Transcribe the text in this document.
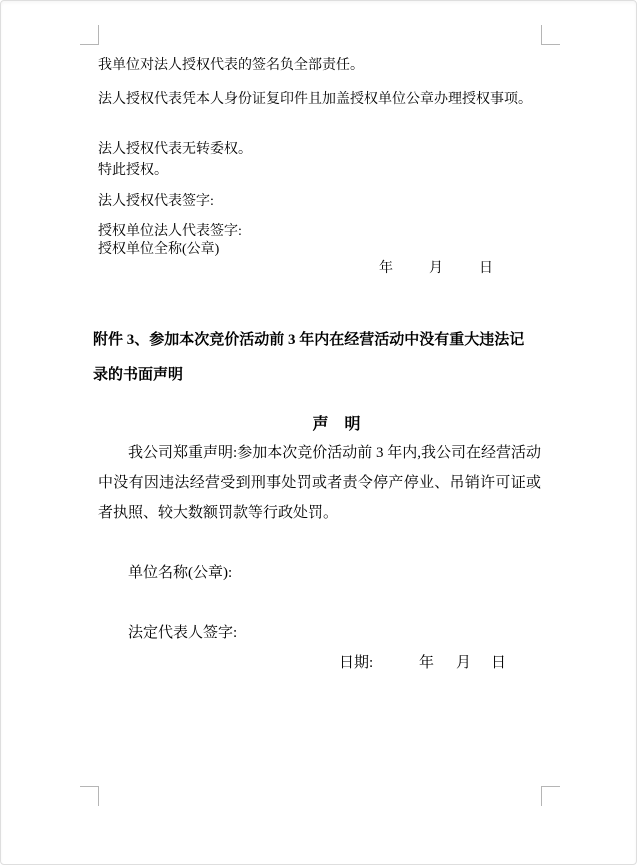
我单位对法人授权代表的签名负全部责任。
法人授权代表凭本人身份证复印件且加盖授权单位公章办理授权事项。
法人授权代表无转委权。
特此授权。
法人授权代表签字:
授权单位法人代表签字:
授权单位全称(公章)
年	月	日
附件 3、参加本次竞价活动前 3 年内在经营活动中没有重大违法记
录的书面声明
声　明
我公司郑重声明:参加本次竞价活动前 3 年内,我公司在经营活动中没有因违法经营受到刑事处罚或者责令停产停业、吊销许可证或者执照、较大数额罚款等行政处罚。
单位名称(公章):
法定代表人签字:
日期:	年 月 日
